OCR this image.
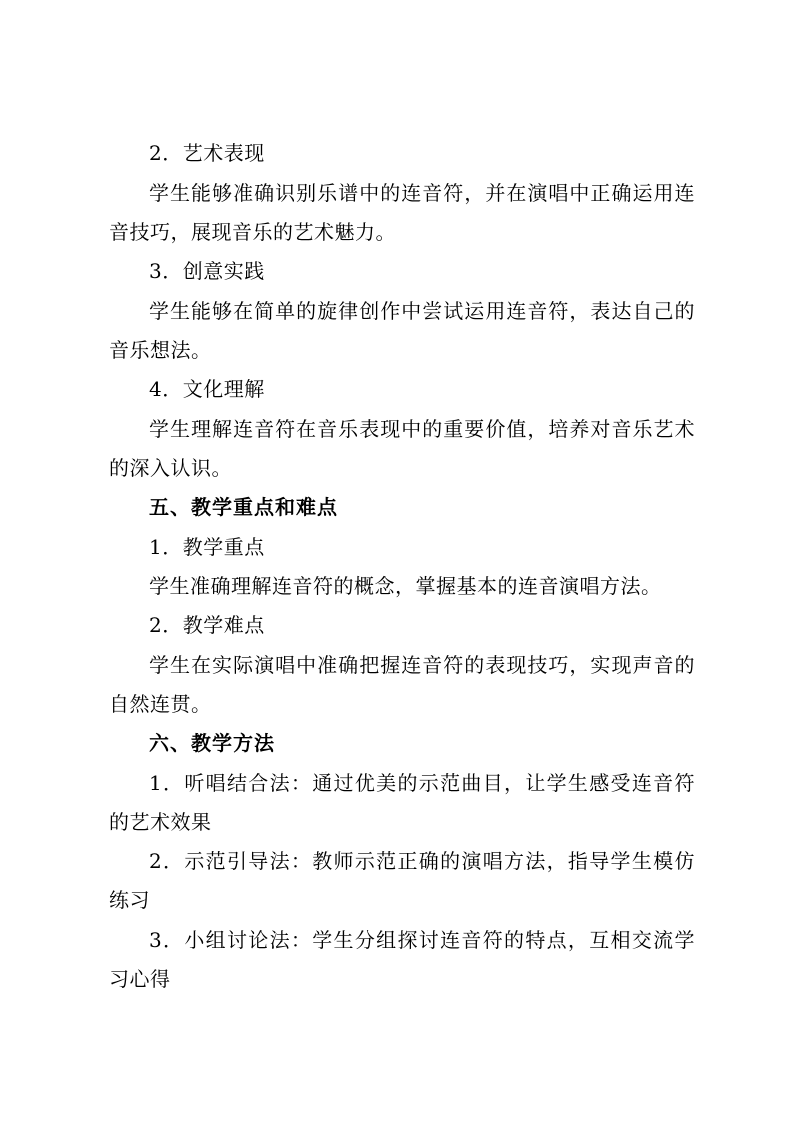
2．艺术表现
学生能够准确识别乐谱中的连音符，并在演唱中正确运用连
音技巧，展现音乐的艺术魅力。
3．创意实践
学生能够在简单的旋律创作中尝试运用连音符，表达自己的
音乐想法。
4．文化理解
学生理解连音符在音乐表现中的重要价值，培养对音乐艺术
的深入认识。
五、教学重点和难点
1．教学重点
学生准确理解连音符的概念，掌握基本的连音演唱方法。
2．教学难点
学生在实际演唱中准确把握连音符的表现技巧，实现声音的
自然连贯。
六、教学方法
1．听唱结合法：通过优美的示范曲目，让学生感受连音符
的艺术效果
2．示范引导法：教师示范正确的演唱方法，指导学生模仿
练习
3．小组讨论法：学生分组探讨连音符的特点，互相交流学
习心得
